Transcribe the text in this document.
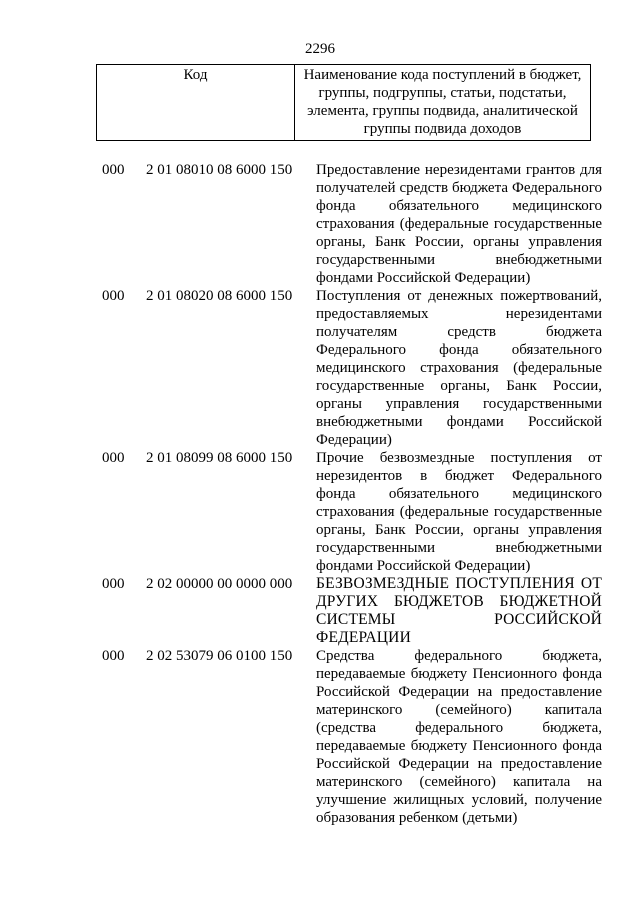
2296
Код	Наименование кода поступлений в бюджет, группы, подгруппы, статьи, подстатьи, элемента, группы подвида, аналитической группы подвида доходов
000	2 01 08010 08 6000 150	Предоставление нерезидентами грантов для получателей средств бюджета Федерального фонда обязательного медицинского страхования (федеральные государственные органы, Банк России, органы управления государственными внебюджетными фондами Российской Федерации)
000	2 01 08020 08 6000 150	Поступления от денежных пожертвований, предоставляемых нерезидентами получателям средств бюджета Федерального фонда обязательного медицинского страхования (федеральные государственные органы, Банк России, органы управления государственными внебюджетными фондами Российской Федерации)
000	2 01 08099 08 6000 150	Прочие безвозмездные поступления от нерезидентов в бюджет Федерального фонда обязательного медицинского страхования (федеральные государственные органы, Банк России, органы управления государственными внебюджетными фондами Российской Федерации)
000	2 02 00000 00 0000 000	БЕЗВОЗМЕЗДНЫЕ ПОСТУПЛЕНИЯ ОТ ДРУГИХ БЮДЖЕТОВ БЮДЖЕТНОЙ СИСТЕМЫ РОССИЙСКОЙ ФЕДЕРАЦИИ
000	2 02 53079 06 0100 150	Средства федерального бюджета, передаваемые бюджету Пенсионного фонда Российской Федерации на предоставление материнского (семейного) капитала (средства федерального бюджета, передаваемые бюджету Пенсионного фонда Российской Федерации на предоставление материнского (семейного) капитала на улучшение жилищных условий, получение образования ребенком (детьми)
